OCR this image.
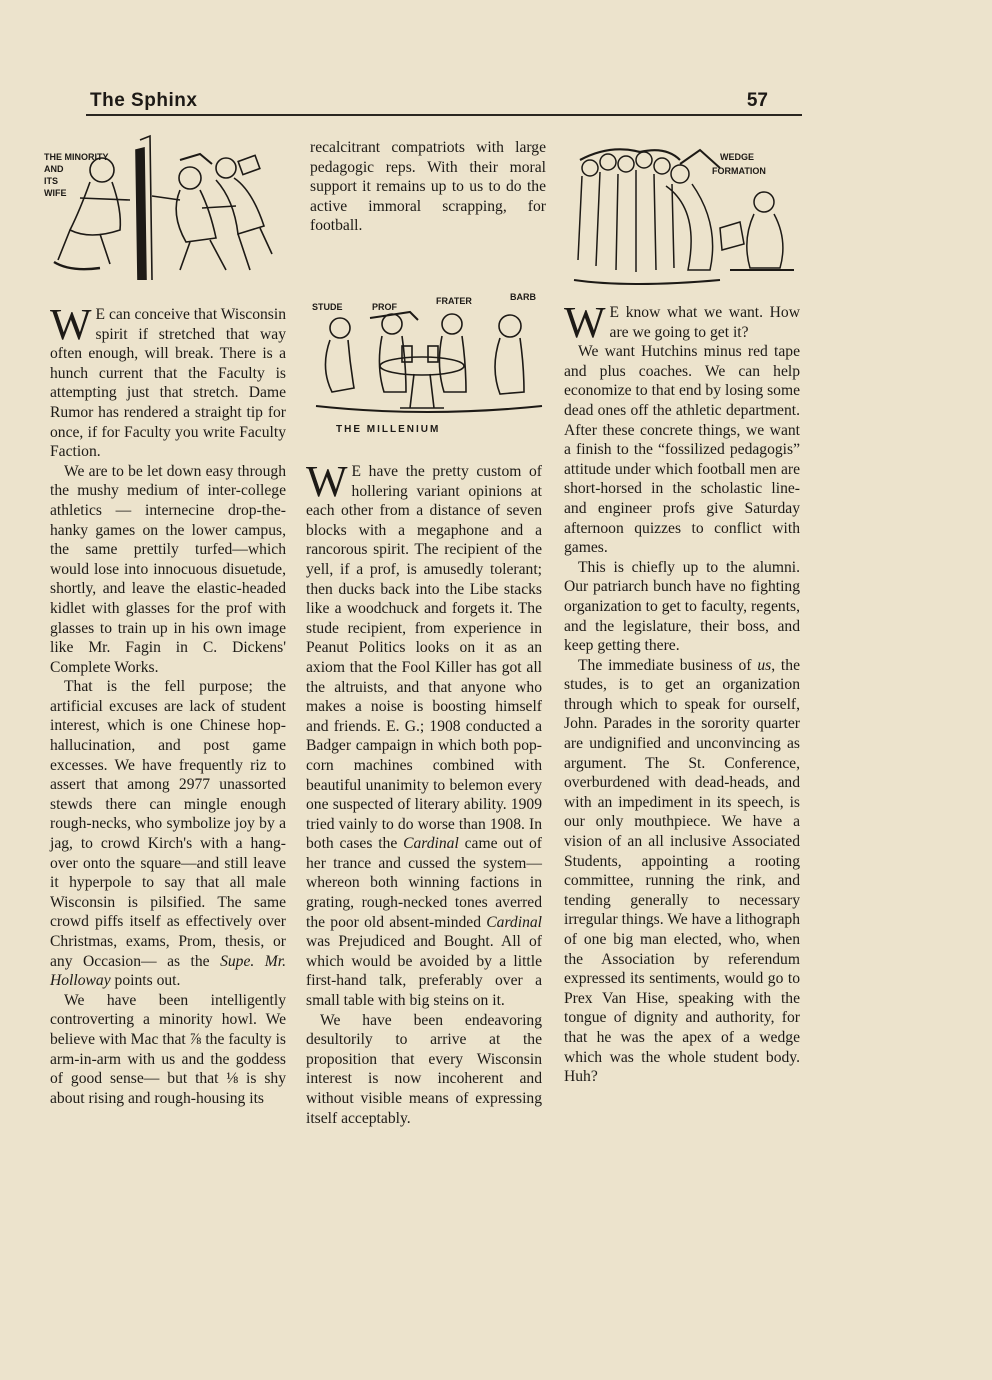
The Sphinx	57
THE MINORITY
AND
ITS
WIFE
STUDE	PROF
FRATER	BARB
THE MILLENIUM
WEDGE
FORMATION

W E can conceive that Wisconsin spirit if stretched that way often enough, will break. There is a hunch current that the Faculty is attempting just that stretch. Dame Rumor has rendered a straight tip for once, if for Faculty you write Faculty Faction.

We are to be let down easy through the mushy medium of inter-college athletics — internecine drop-the-hanky games on the lower campus, the same prettily turfed—which would lose into innocuous disuetude, shortly, and leave the elastic-headed kidlet with glasses for the prof with glasses to train up in his own image like Mr. Fagin in C. Dickens' Complete Works.

That is the fell purpose; the artificial excuses are lack of student interest, which is one Chinese hop-hallucination, and post game excesses. We have frequently riz to assert that among 2977 unassorted stewds there can mingle enough rough-necks, who symbolize joy by a jag, to crowd Kirch's with a hang-over onto the square—and still leave it hyperpole to say that all male Wisconsin is pilsified. The same crowd piffs itself as effectively over Christmas, exams, Prom, thesis, or any Occasion— as the Supe. Mr. Holloway points out.

We have been intelligently controverting a minority howl. We believe with Mac that ⅞ the faculty is arm-in-arm with us and the goddess of good sense— but that ⅛ is shy about rising and rough-housing its

recalcitrant compatriots with large pedagogic reps. With their moral support it remains up to us to do the active immoral scrapping, for football.

W E have the pretty custom of hollering variant opinions at each other from a distance of seven blocks with a megaphone and a rancorous spirit. The recipient of the yell, if a prof, is amusedly tolerant; then ducks back into the Libe stacks like a woodchuck and forgets it. The stude recipient, from experience in Peanut Politics looks on it as an axiom that the Fool Killer has got all the altruists, and that anyone who makes a noise is boosting himself and friends. E. G.; 1908 conducted a Badger campaign in which both pop-corn machines combined with beautiful unanimity to belemon every one suspected of literary ability. 1909 tried vainly to do worse than 1908. In both cases the Cardinal came out of her trance and cussed the system—whereon both winning factions in grating, rough-necked tones averred the poor old absent-minded Cardinal was Prejudiced and Bought. All of which would be avoided by a little first-hand talk, preferably over a small table with big steins on it.

We have been endeavoring desultorily to arrive at the proposition that every Wisconsin interest is now incoherent and without visible means of expressing itself acceptably.

W E know what we want. How are we going to get it?

We want Hutchins minus red tape and plus coaches. We can help economize to that end by losing some dead ones off the athletic department. After these concrete things, we want a finish to the “fossilized pedagogis” attitude under which football men are short-horsed in the scholastic line-and engineer profs give Saturday afternoon quizzes to conflict with games.

This is chiefly up to the alumni. Our patriarch bunch have no fighting organization to get to faculty, regents, and the legislature, their boss, and keep getting there.

The immediate business of us, the studes, is to get an organization through which to speak for ourself, John. Parades in the sorority quarter are undignified and unconvincing as argument. The St. Conference, overburdened with dead-heads, and with an impediment in its speech, is our only mouthpiece. We have a vision of an all inclusive Associated Students, appointing a rooting committee, running the rink, and tending generally to necessary irregular things. We have a lithograph of one big man elected, who, when the Association by referendum expressed its sentiments, would go to Prex Van Hise, speaking with the tongue of dignity and authority, for that he was the apex of a wedge which was the whole student body. Huh?
